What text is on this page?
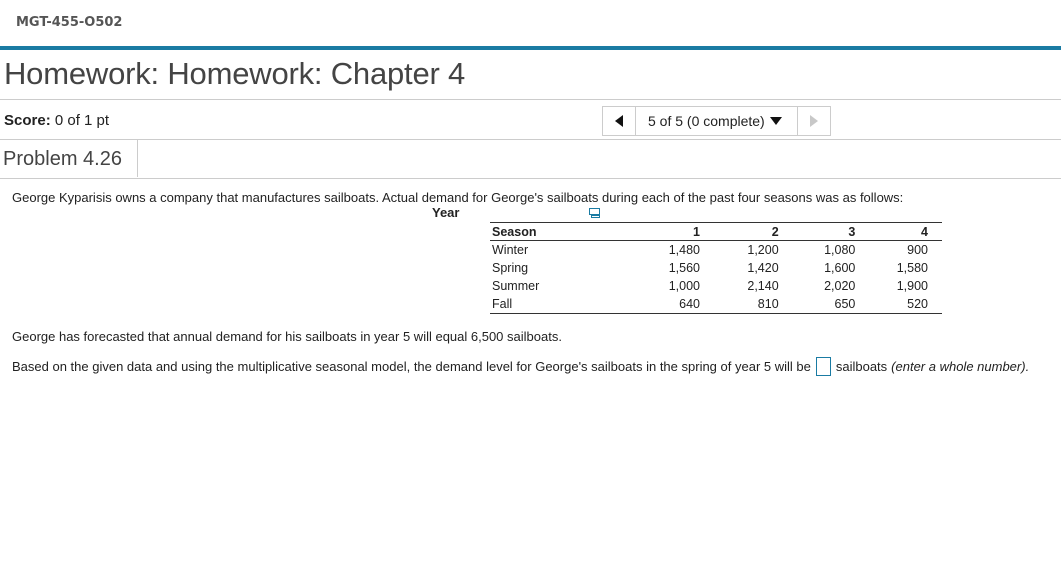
MGT-455-O502
Homework: Homework: Chapter 4
Score: 0 of 1 pt	5 of 5 (0 complete)
Problem 4.26
George Kyparisis owns a company that manufactures sailboats. Actual demand for George's sailboats during each of the past four seasons was as follows:
Year
Season	1	2	3	4
Winter	1,480	1,200	1,080	900
Spring	1,560	1,420	1,600	1,580
Summer	1,000	2,140	2,020	1,900
Fall	640	810	650	520
George has forecasted that annual demand for his sailboats in year 5 will equal 6,500 sailboats.
Based on the given data and using the multiplicative seasonal model, the demand level for George's sailboats in the spring of year 5 will be sailboats (enter a whole number).
